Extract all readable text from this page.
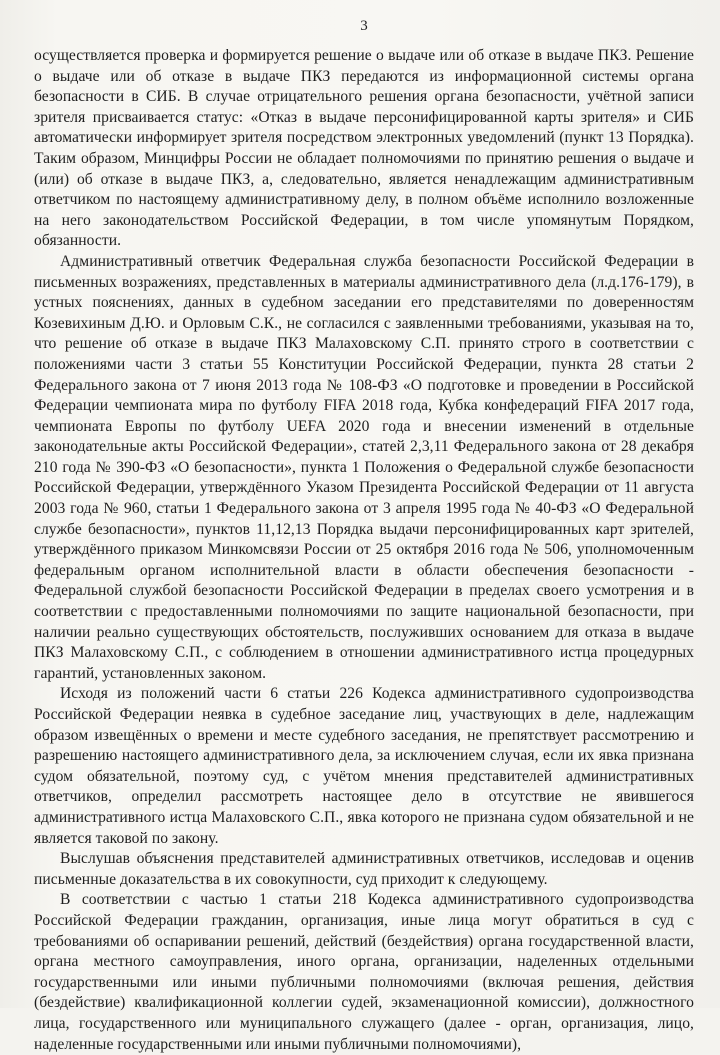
3

осуществляется проверка и формируется решение о выдаче или об отказе в выдаче ПКЗ. Решение о выдаче или об отказе в выдаче ПКЗ передаются из информационной системы органа безопасности в СИБ. В случае отрицательного решения органа безопасности, учётной записи зрителя присваивается статус: «Отказ в выдаче персонифицированной карты зрителя» и СИБ автоматически информирует зрителя посредством электронных уведомлений (пункт 13 Порядка). Таким образом, Минцифры России не обладает полномочиями по принятию решения о выдаче и (или) об отказе в выдаче ПКЗ, а, следовательно, является ненадлежащим административным ответчиком по настоящему административному делу, в полном объёме исполнило возложенные на него законодательством Российской Федерации, в том числе упомянутым Порядком, обязанности.

Административный ответчик Федеральная служба безопасности Российской Федерации в письменных возражениях, представленных в материалы административного дела (л.д.176-179), в устных пояснениях, данных в судебном заседании его представителями по доверенностям Козевихиным Д.Ю. и Орловым С.К., не согласился с заявленными требованиями, указывая на то, что решение об отказе в выдаче ПКЗ Малаховскому С.П. принято строго в соответствии с положениями части 3 статьи 55 Конституции Российской Федерации, пункта 28 статьи 2 Федерального закона от 7 июня 2013 года № 108-ФЗ «О подготовке и проведении в Российской Федерации чемпионата мира по футболу FIFA 2018 года, Кубка конфедераций FIFA 2017 года, чемпионата Европы по футболу UEFA 2020 года и внесении изменений в отдельные законодательные акты Российской Федерации», статей 2,3,11 Федерального закона от 28 декабря 210 года № 390-ФЗ «О безопасности», пункта 1 Положения о Федеральной службе безопасности Российской Федерации, утверждённого Указом Президента Российской Федерации от 11 августа 2003 года № 960, статьи 1 Федерального закона от 3 апреля 1995 года № 40-ФЗ «О Федеральной службе безопасности», пунктов 11,12,13 Порядка выдачи персонифицированных карт зрителей, утверждённого приказом Минкомсвязи России от 25 октября 2016 года № 506, уполномоченным федеральным органом исполнительной власти в области обеспечения безопасности - Федеральной службой безопасности Российской Федерации в пределах своего усмотрения и в соответствии с предоставленными полномочиями по защите национальной безопасности, при наличии реально существующих обстоятельств, послуживших основанием для отказа в выдаче ПКЗ Малаховскому С.П., с соблюдением в отношении административного истца процедурных гарантий, установленных законом.

Исходя из положений части 6 статьи 226 Кодекса административного судопроизводства Российской Федерации неявка в судебное заседание лиц, участвующих в деле, надлежащим образом извещённых о времени и месте судебного заседания, не препятствует рассмотрению и разрешению настоящего административного дела, за исключением случая, если их явка признана судом обязательной, поэтому суд, с учётом мнения представителей административных ответчиков, определил рассмотреть настоящее дело в отсутствие не явившегося административного истца Малаховского С.П., явка которого не признана судом обязательной и не является таковой по закону.

Выслушав объяснения представителей административных ответчиков, исследовав и оценив письменные доказательства в их совокупности, суд приходит к следующему.

В соответствии с частью 1 статьи 218 Кодекса административного судопроизводства Российской Федерации гражданин, организация, иные лица могут обратиться в суд с требованиями об оспаривании решений, действий (бездействия) органа государственной власти, органа местного самоуправления, иного органа, организации, наделенных отдельными государственными или иными публичными полномочиями (включая решения, действия (бездействие) квалификационной коллегии судей, экзаменационной комиссии), должностного лица, государственного или муниципального служащего (далее - орган, организация, лицо, наделенные государственными или иными публичными полномочиями),
